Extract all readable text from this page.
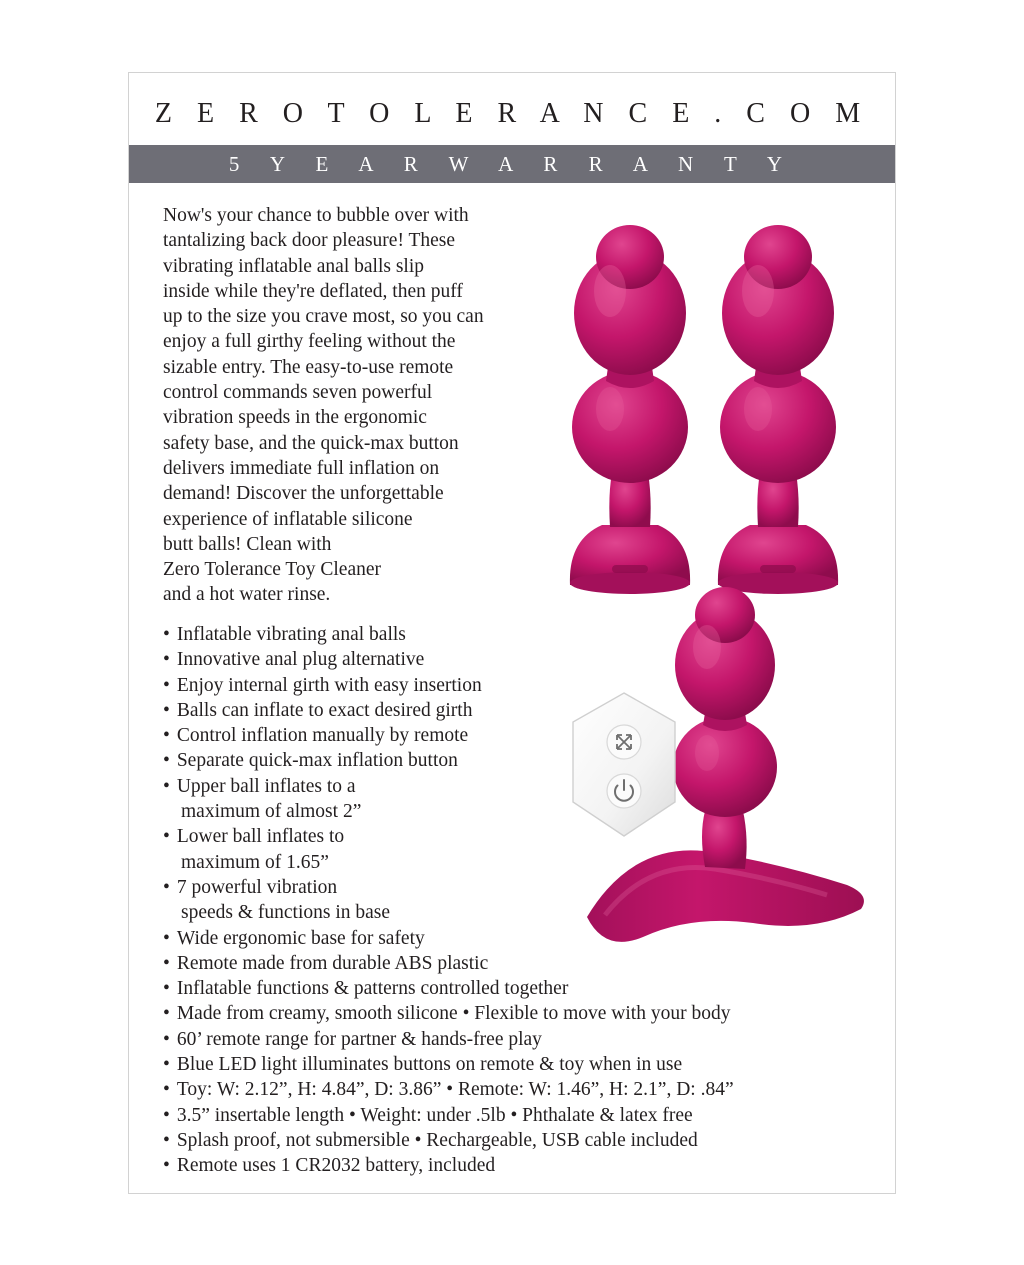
Z E R O T O L E R A N C E . C O M
5 Y E A R W A R R A N T Y
Now's your chance to bubble over with
tantalizing back door pleasure! These
vibrating inflatable anal balls slip
inside while they're deflated, then puff
up to the size you crave most, so you can
enjoy a full girthy feeling without the
sizable entry. The easy-to-use remote
control commands seven powerful
vibration speeds in the ergonomic
safety base, and the quick-max button
delivers immediate full inflation on
demand! Discover the unforgettable
experience of inflatable silicone
butt balls! Clean with
Zero Tolerance Toy Cleaner
and a hot water rinse.
• Inflatable vibrating anal balls
• Innovative anal plug alternative
• Enjoy internal girth with easy insertion
• Balls can inflate to exact desired girth
• Control inflation manually by remote
• Separate quick-max inflation button
• Upper ball inflates to a
maximum of almost 2”
• Lower ball inflates to
maximum of 1.65”
• 7 powerful vibration
speeds & functions in base
• Wide ergonomic base for safety
• Remote made from durable ABS plastic
• Inflatable functions & patterns controlled together
• Made from creamy, smooth silicone • Flexible to move with your body
• 60’ remote range for partner & hands-free play
• Blue LED light illuminates buttons on remote & toy when in use
• Toy: W: 2.12”, H: 4.84”, D: 3.86” • Remote: W: 1.46”, H: 2.1”, D: .84”
• 3.5” insertable length • Weight: under .5lb • Phthalate & latex free
• Splash proof, not submersible • Rechargeable, USB cable included
• Remote uses 1 CR2032 battery, included
